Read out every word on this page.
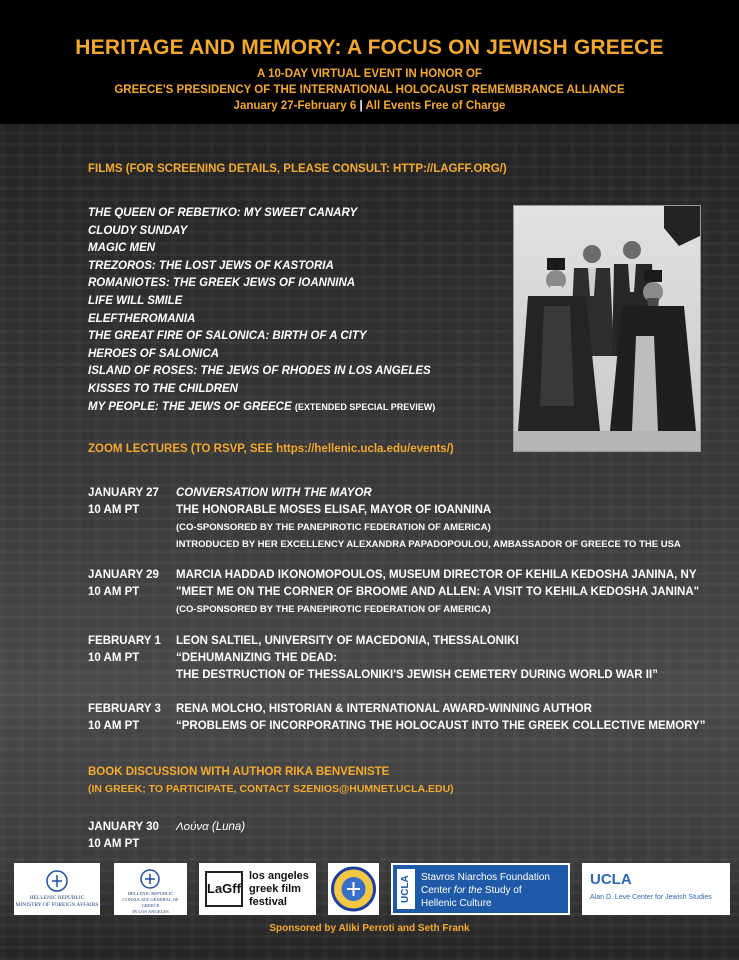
HERITAGE AND MEMORY: A FOCUS ON JEWISH GREECE
A 10-DAY VIRTUAL EVENT IN HONOR OF
GREECE'S PRESIDENCY OF THE INTERNATIONAL HOLOCAUST REMEMBRANCE ALLIANCE
January 27-February 6 | All Events Free of Charge
FILMS (FOR SCREENING DETAILS, PLEASE CONSULT: HTTP://LAGFF.ORG/)
THE QUEEN OF REBETIKO: MY SWEET CANARY
CLOUDY SUNDAY
MAGIC MEN
TREZOROS: THE LOST JEWS OF KASTORIA
ROMANIOTES: THE GREEK JEWS OF IOANNINA
LIFE WILL SMILE
ELEFTHEROMANIA
THE GREAT FIRE OF SALONICA: BIRTH OF A CITY
HEROES OF SALONICA
ISLAND OF ROSES: THE JEWS OF RHODES IN LOS ANGELES
KISSES TO THE CHILDREN
MY PEOPLE: THE JEWS OF GREECE (EXTENDED SPECIAL PREVIEW)
ZOOM LECTURES (TO RSVP, SEE https://hellenic.ucla.edu/events/)
JANUARY 27
10 AM PT
CONVERSATION WITH THE MAYOR
THE HONORABLE MOSES ELISAF, MAYOR OF IOANNINA
(CO-SPONSORED BY THE PANEPIROTIC FEDERATION OF AMERICA)
INTRODUCED BY HER EXCELLENCY ALEXANDRA PAPADOPOULOU, AMBASSADOR OF GREECE TO THE USA
JANUARY 29
10 AM PT
MARCIA HADDAD IKONOMOPOULOS, MUSEUM DIRECTOR OF KEHILA KEDOSHA JANINA, NY
"MEET ME ON THE CORNER OF BROOME AND ALLEN: A VISIT TO KEHILA KEDOSHA JANINA"
(CO-SPONSORED BY THE PANEPIROTIC FEDERATION OF AMERICA)
FEBRUARY 1
10 AM PT
LEON SALTIEL, UNIVERSITY OF MACEDONIA, THESSALONIKI
“DEHUMANIZING THE DEAD:
THE DESTRUCTION OF THESSALONIKI'S JEWISH CEMETERY DURING WORLD WAR II”
FEBRUARY 3
10 AM PT
RENA MOLCHO, HISTORIAN & INTERNATIONAL AWARD-WINNING AUTHOR
“PROBLEMS OF INCORPORATING THE HOLOCAUST INTO THE GREEK COLLECTIVE MEMORY”
BOOK DISCUSSION WITH AUTHOR RIKA BENVENISTE
(IN GREEK; TO PARTICIPATE, CONTACT SZENIOS@HUMNET.UCLA.EDU)
JANUARY 30
10 AM PT
Λούνα (Luna)
HELLENIC REPUBLIC
MINISTRY OF FOREIGN AFFAIRS
HELLENIC REPUBLIC
CONSULATE GENERAL OF GREECE
IN LOS ANGELES
LaGff
los angeles
greek film
festival	UCLA	Stavros Niarchos Foundation
Center for the Study of
Hellenic Culture
UCLA
Alan D. Leve Center for Jewish Studies
Sponsored by Aliki Perroti and Seth Frank
